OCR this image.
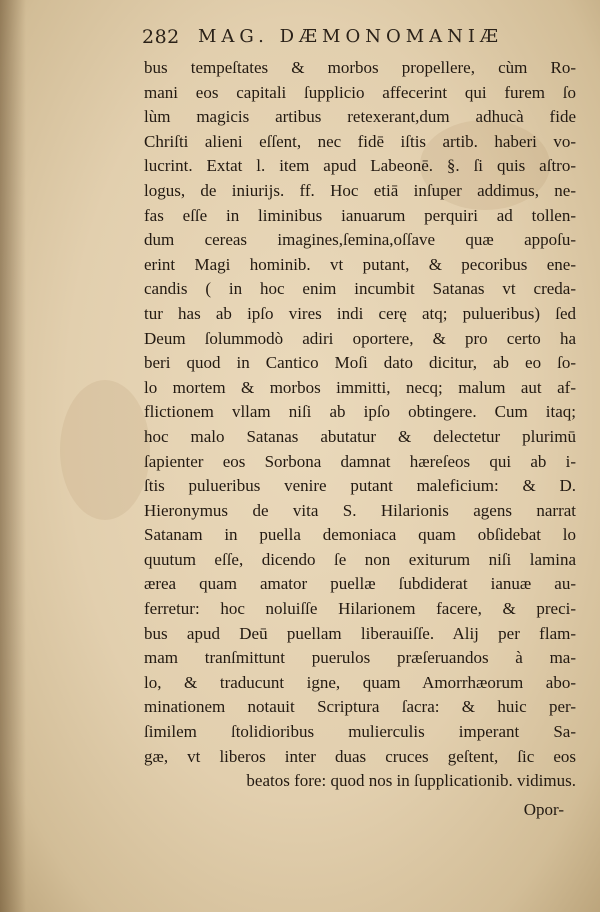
282 MAG. DÆMONOMANIÆ
bus tempeſtates & morbos propellere, cùm Ro-
mani eos capitali ſupplicio affecerint qui furem ſo
lùm magicis artibus retexerant,dum adhucà fide
Chriſti alieni eſſent, nec fidē iſtis artib. haberi vo-
lucrint. Extat l. item apud Labeonē. §. ſi quis aſtro-
logus, de iniurijs. ff. Hoc etiā inſuper addimus, ne-
fas eſſe in liminibus ianuarum perquiri ad tollen-
dum cereas imagines,ſemina,oſſave quæ appoſu-
erint Magi hominib. vt putant, & pecoribus ene-
candis ( in hoc enim incumbit Satanas vt creda-
tur has ab ipſo vires indi cerę atq; pulueribus) ſed
Deum ſolummodò adiri oportere, & pro certo ha
beri quod in Cantico Moſi dato dicitur, ab eo ſo-
lo mortem & morbos immitti, necq; malum aut af-
flictionem vllam niſi ab ipſo obtingere. Cum itaq;
hoc malo Satanas abutatur & delectetur plurimū
ſapienter eos Sorbona damnat hæreſeos qui ab i-
ſtis pulueribus venire putant maleficium: & D.
Hieronymus de vita S. Hilarionis agens narrat
Satanam in puella demoniaca quam obſidebat lo
quutum eſſe, dicendo ſe non exiturum niſi lamina
ærea quam amator puellæ ſubdiderat ianuæ au-
ferretur: hoc noluiſſe Hilarionem facere, & preci-
bus apud Deū puellam liberauiſſe. Alij per flam-
mam tranſmittunt puerulos præſeruandos à ma-
lo, & traducunt igne, quam Amorrhæorum abo-
minationem notauit Scriptura ſacra: & huic per-
ſimilem ſtolidioribus mulierculis imperant Sa-
gæ, vt liberos inter duas cruces geſtent, ſic eos
beatos fore: quod nos in ſupplicationib. vidimus.
Opor-
